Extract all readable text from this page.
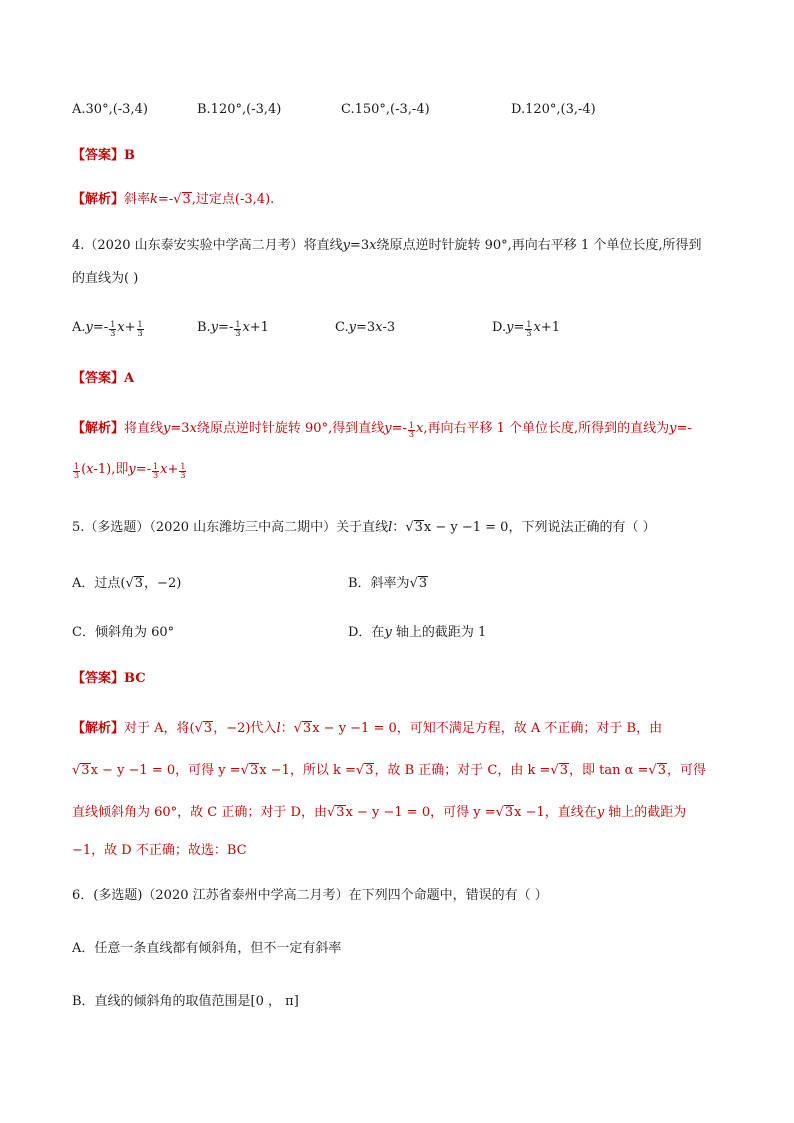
A.30°,(-3,4)	B.120°,(-3,4)	C.150°,(-3,-4)	D.120°,(3,-4)
【答案】B
【解析】斜率k=-√3,过定点(-3,4).
4.（2020 山东泰安实验中学高二月考）将直线y=3x绕原点逆时针旋转 90°,再向右平移 1 个单位长度,所得到
的直线为( )
$A.y=- \frac{1}{3} x+ \frac{1}{3}$	$B.y=- \frac{1}{3} x+1$	C.y=3x-3	$D.y= \frac{1}{3} x+1$
【答案】A
【解析】将直线y=3x绕原点逆时针旋转 90°,得到直线$y=- \frac{1}{3} x$,再向右平移 1 个单位长度,所得到的直线为y=-
$\frac{1}{3} (x-1)$,即$y=- \frac{1}{3} x+ \frac{1}{3}$
5.（多选题）（2020 山东潍坊三中高二期中）关于直线l：√3x − y −1 = 0，下列说法正确的有（ ）
A．过点(√3，−2)	B．斜率为√3
C．倾斜角为 60°	D．在y 轴上的截距为 1
【答案】BC
【解析】对于 A，将(√3，−2)代入l：√3x − y −1 = 0，可知不满足方程，故 A 不正确；对于 B，由
√3x − y −1 = 0，可得 y =√3x −1，所以 k =√3，故 B 正确；对于 C，由 k =√3，即 tan α =√3，可得
直线倾斜角为 60°，故 C 正确；对于 D，由√3x − y −1 = 0，可得 y =√3x −1，直线在y 轴上的截距为
−1，故 D 不正确；故选：BC
6．(多选题)（2020 江苏省泰州中学高二月考）在下列四个命题中，错误的有（ ）
A．任意一条直线都有倾斜角，但不一定有斜率
B．直线的倾斜角的取值范围是[0 ， π]
